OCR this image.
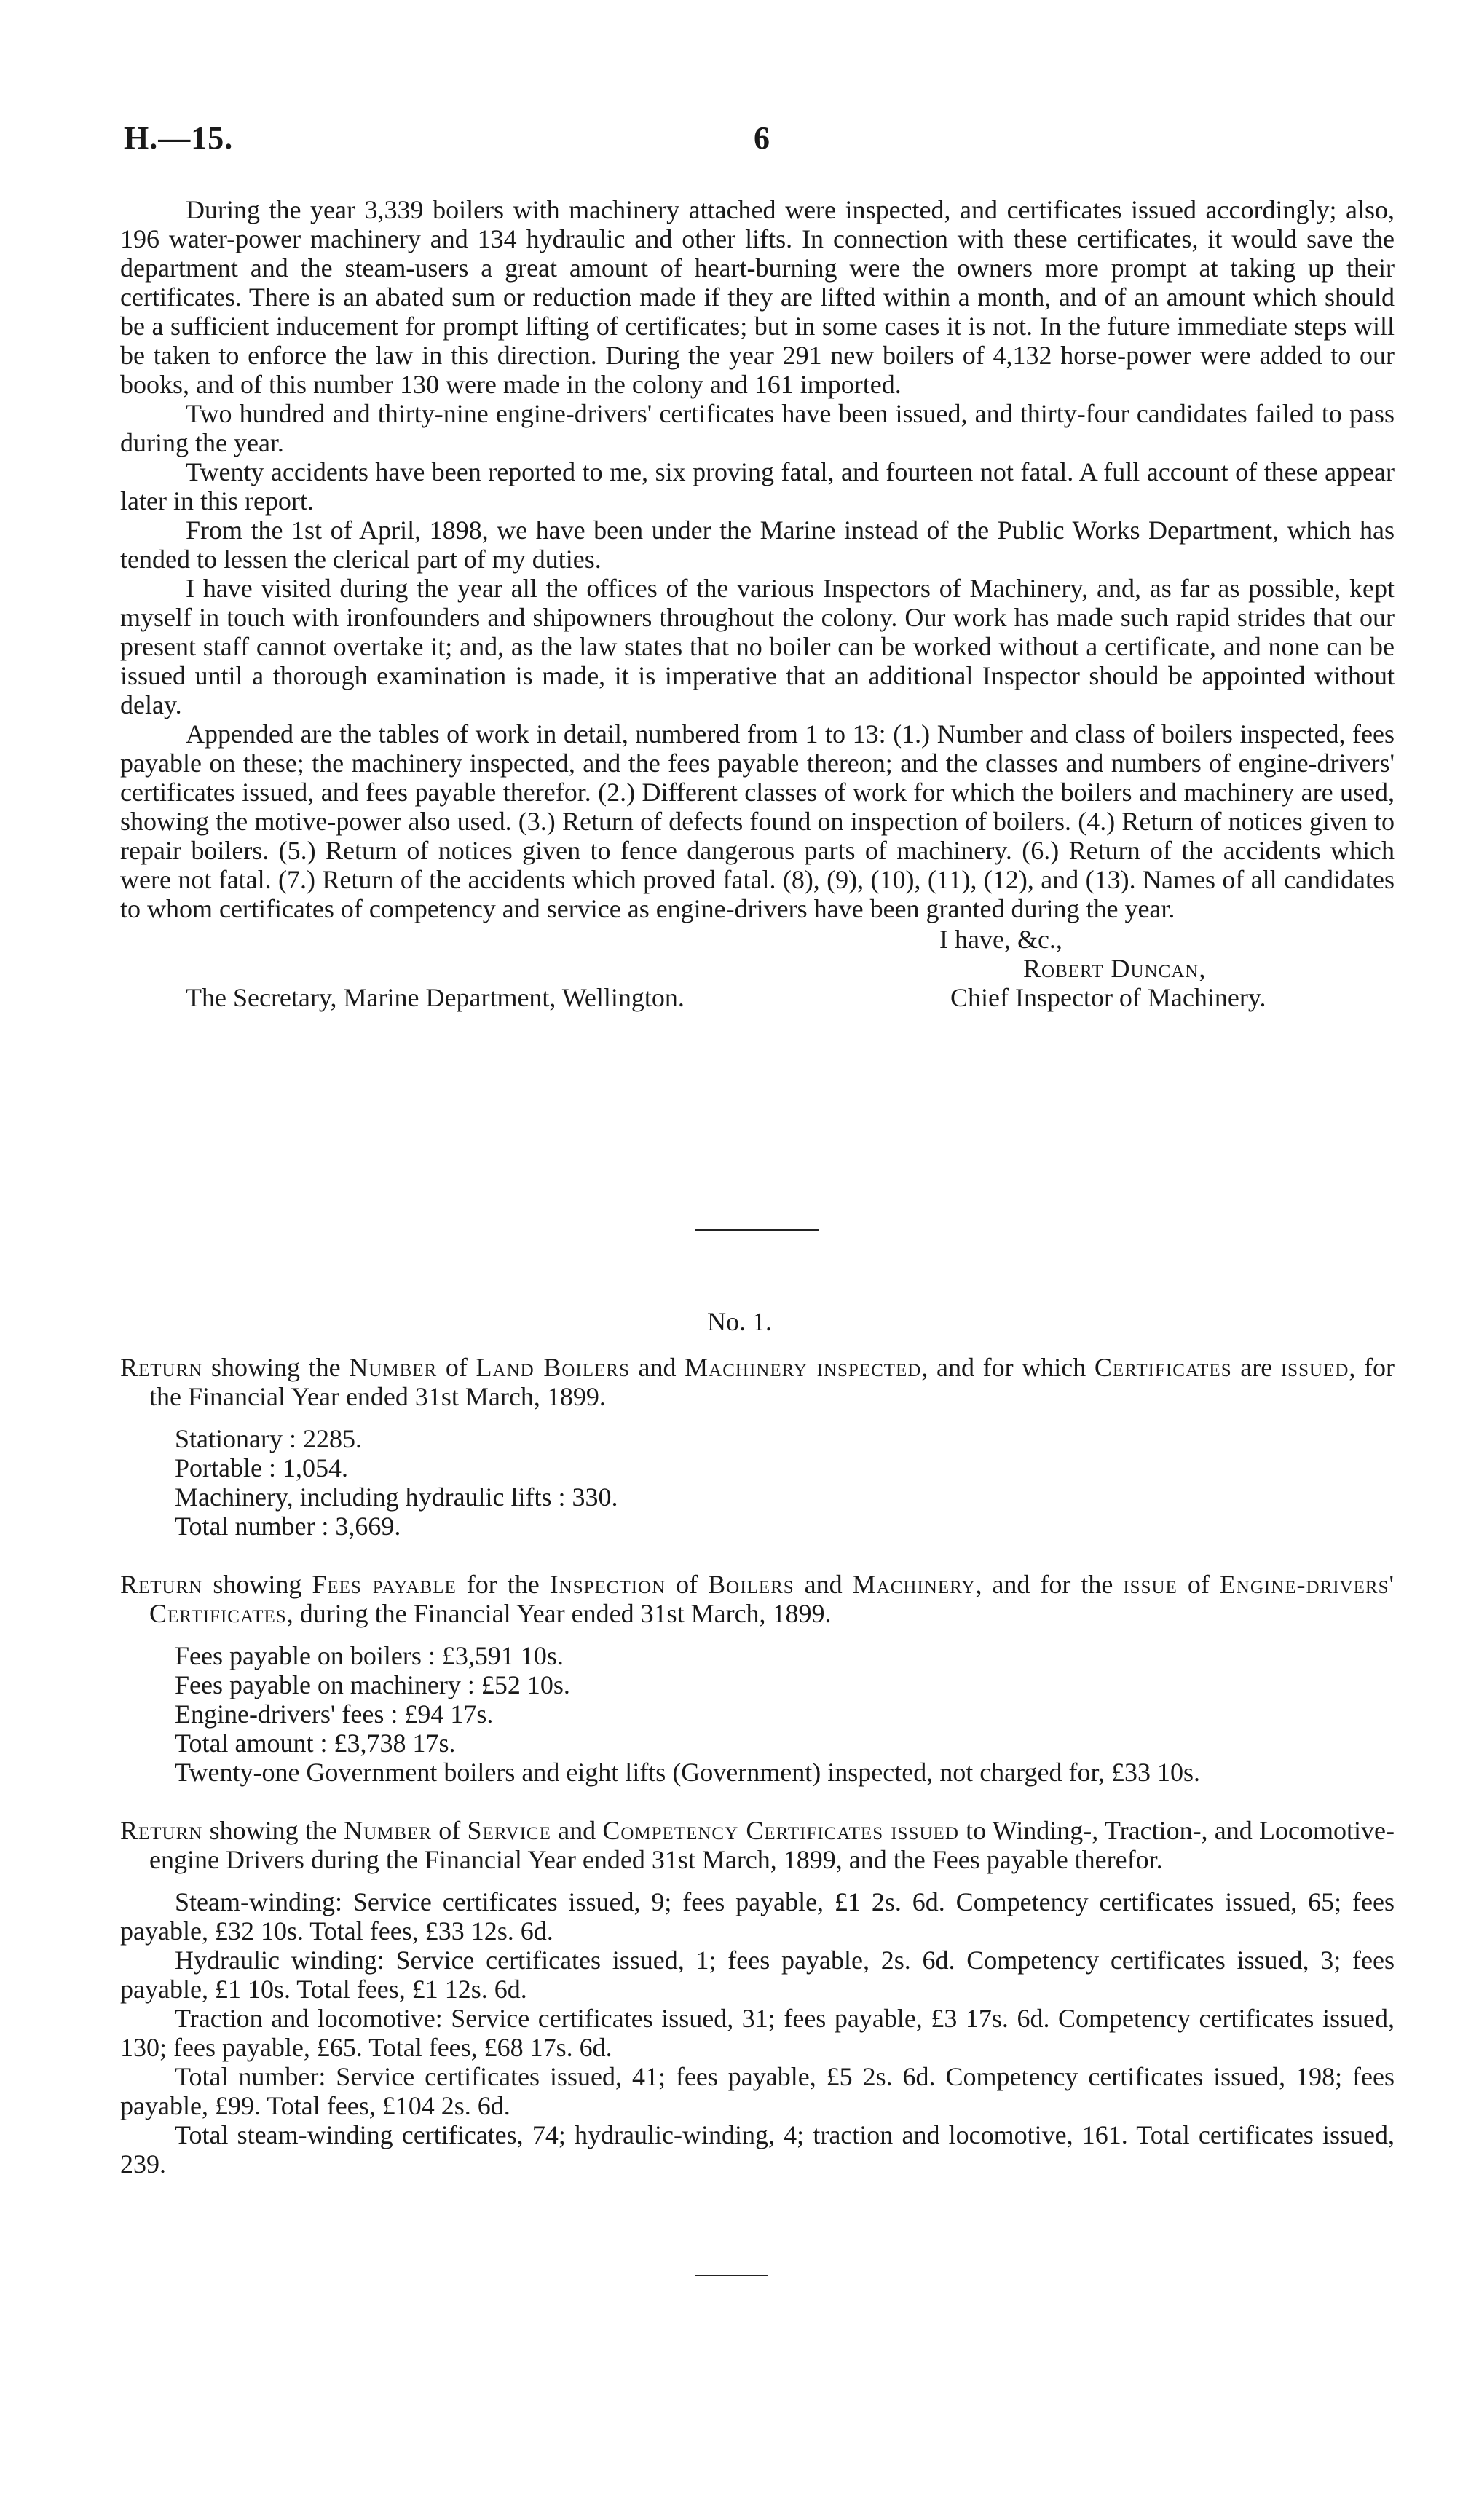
H.—15.	6

During the year 3,339 boilers with machinery attached were inspected, and certificates issued accordingly; also, 196 water-power machinery and 134 hydraulic and other lifts. In connection with these certificates, it would save the department and the steam-users a great amount of heart-burning were the owners more prompt at taking up their certificates. There is an abated sum or reduction made if they are lifted within a month, and of an amount which should be a sufficient inducement for prompt lifting of certificates; but in some cases it is not. In the future immediate steps will be taken to enforce the law in this direction. During the year 291 new boilers of 4,132 horse-power were added to our books, and of this number 130 were made in the colony and 161 imported.

Two hundred and thirty-nine engine-drivers' certificates have been issued, and thirty-four candidates failed to pass during the year.

Twenty accidents have been reported to me, six proving fatal, and fourteen not fatal. A full account of these appear later in this report.

From the 1st of April, 1898, we have been under the Marine instead of the Public Works Department, which has tended to lessen the clerical part of my duties.

I have visited during the year all the offices of the various Inspectors of Machinery, and, as far as possible, kept myself in touch with ironfounders and shipowners throughout the colony. Our work has made such rapid strides that our present staff cannot overtake it; and, as the law states that no boiler can be worked without a certificate, and none can be issued until a thorough examination is made, it is imperative that an additional Inspector should be appointed without delay.

Appended are the tables of work in detail, numbered from 1 to 13: (1.) Number and class of boilers inspected, fees payable on these; the machinery inspected, and the fees payable thereon; and the classes and numbers of engine-drivers' certificates issued, and fees payable therefor. (2.) Different classes of work for which the boilers and machinery are used, showing the motive-power also used. (3.) Return of defects found on inspection of boilers. (4.) Return of notices given to repair boilers. (5.) Return of notices given to fence dangerous parts of machinery. (6.) Return of the accidents which were not fatal. (7.) Return of the accidents which proved fatal. (8), (9), (10), (11), (12), and (13). Names of all candidates to whom certificates of competency and service as engine-drivers have been granted during the year.

I have, &c.,
Robert Duncan,
The Secretary, Marine Department, Wellington.	Chief Inspector of Machinery.
No. 1.

Return showing the Number of Land Boilers and Machinery inspected, and for which Certificates are issued, for the Financial Year ended 31st March, 1899.

Stationary : 2285.
Portable : 1,054.
Machinery, including hydraulic lifts : 330.
Total number : 3,669.

Return showing Fees payable for the Inspection of Boilers and Machinery, and for the issue of Engine-drivers' Certificates, during the Financial Year ended 31st March, 1899.

Fees payable on boilers : £3,591 10s.
Fees payable on machinery : £52 10s.
Engine-drivers' fees : £94 17s.
Total amount : £3,738 17s.

Twenty-one Government boilers and eight lifts (Government) inspected, not charged for, £33 10s.

Return showing the Number of Service and Competency Certificates issued to Winding-, Traction-, and Locomotive-engine Drivers during the Financial Year ended 31st March, 1899, and the Fees payable therefor.

Steam-winding: Service certificates issued, 9; fees payable, £1 2s. 6d. Competency certificates issued, 65; fees payable, £32 10s. Total fees, £33 12s. 6d.

Hydraulic winding: Service certificates issued, 1; fees payable, 2s. 6d. Competency certificates issued, 3; fees payable, £1 10s. Total fees, £1 12s. 6d.

Traction and locomotive: Service certificates issued, 31; fees payable, £3 17s. 6d. Competency certificates issued, 130; fees payable, £65. Total fees, £68 17s. 6d.

Total number: Service certificates issued, 41; fees payable, £5 2s. 6d. Competency certificates issued, 198; fees payable, £99. Total fees, £104 2s. 6d.

Total steam-winding certificates, 74; hydraulic-winding, 4; traction and locomotive, 161. Total certificates issued, 239.
